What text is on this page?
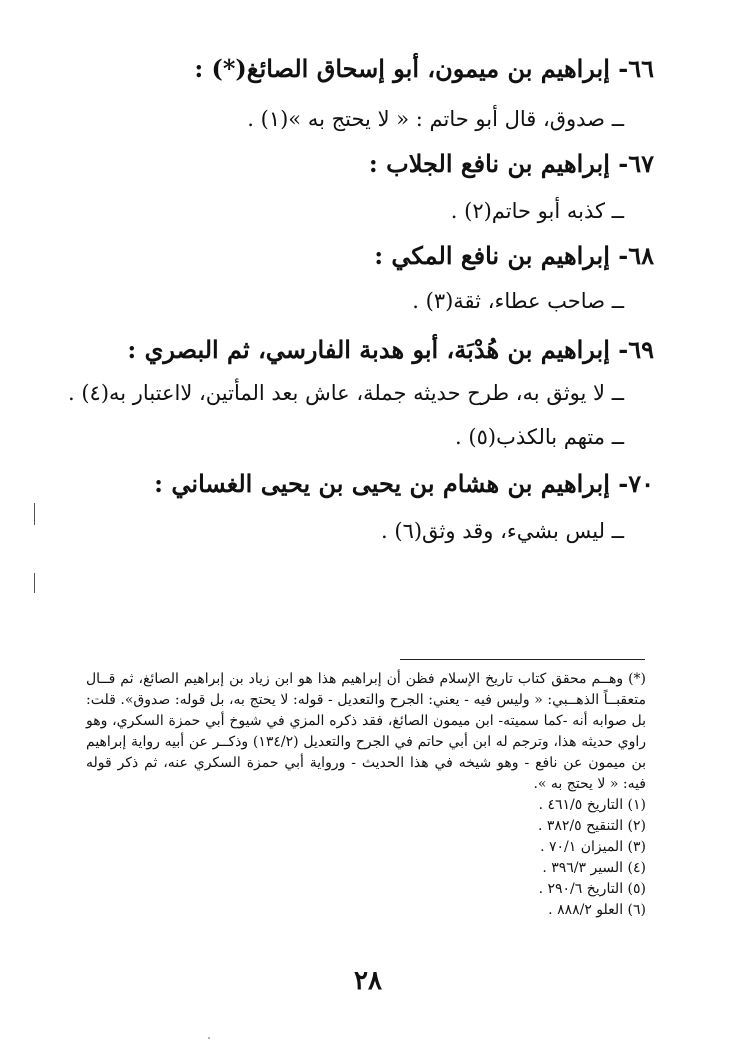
٦٦- إبراهيم بن ميمون، أبو إسحاق الصائغ(*) :
ــ صدوق، قال أبو حاتم : « لا يحتج به »(١) .
٦٧- إبراهيم بن نافع الجلاب :
ــ كذبه أبو حاتم(٢) .
٦٨- إبراهيم بن نافع المكي :
ــ صاحب عطاء، ثقة(٣) .
٦٩- إبراهيم بن هُدْبَة، أبو هدبة الفارسي، ثم البصري :
ــ لا يوثق به، طرح حديثه جملة، عاش بعد المأتين، لااعتبار به(٤) .
ــ متهم بالكذب(٥) .
٧٠- إبراهيم بن هشام بن يحيى بن يحيى الغساني :
ــ ليس بشيء، وقد وثق(٦) .

(*) وهــم محقق كتاب تاريخ الإسلام فظن أن إبراهيم هذا هو ابن زياد بن إبراهيم الصائغ، ثم قــال متعقبــاً الذهــبي: « وليس فيه - يعني: الجرح والتعديل - قوله: لا يحتج به، بل قوله: صدوق». قلت: بل صوابه أنه -كما سميته- ابن ميمون الصائغ، فقد ذكره المزي في شيوخ أبي حمزة السكري، وهو راوي حديثه هذا، وترجم له ابن أبي حاتم في الجرح والتعديل (١٣٤/٢) وذكــر عن أبيه رواية إبراهيم بن ميمون عن نافع - وهو شيخه في هذا الحديث - ورواية أبي حمزة السكري عنه، ثم ذكر قوله فيه: « لا يحتج به ».

(١) التاريخ ٤٦١/٥ .

(٢) التنقيح ٣٨٢/٥ .

(٣) الميزان ٧٠/١ .

(٤) السير ٣٩٦/٣ .

(٥) التاريخ ٢٩٠/٦ .

(٦) العلو ٨٨٨/٢ .

٢٨
